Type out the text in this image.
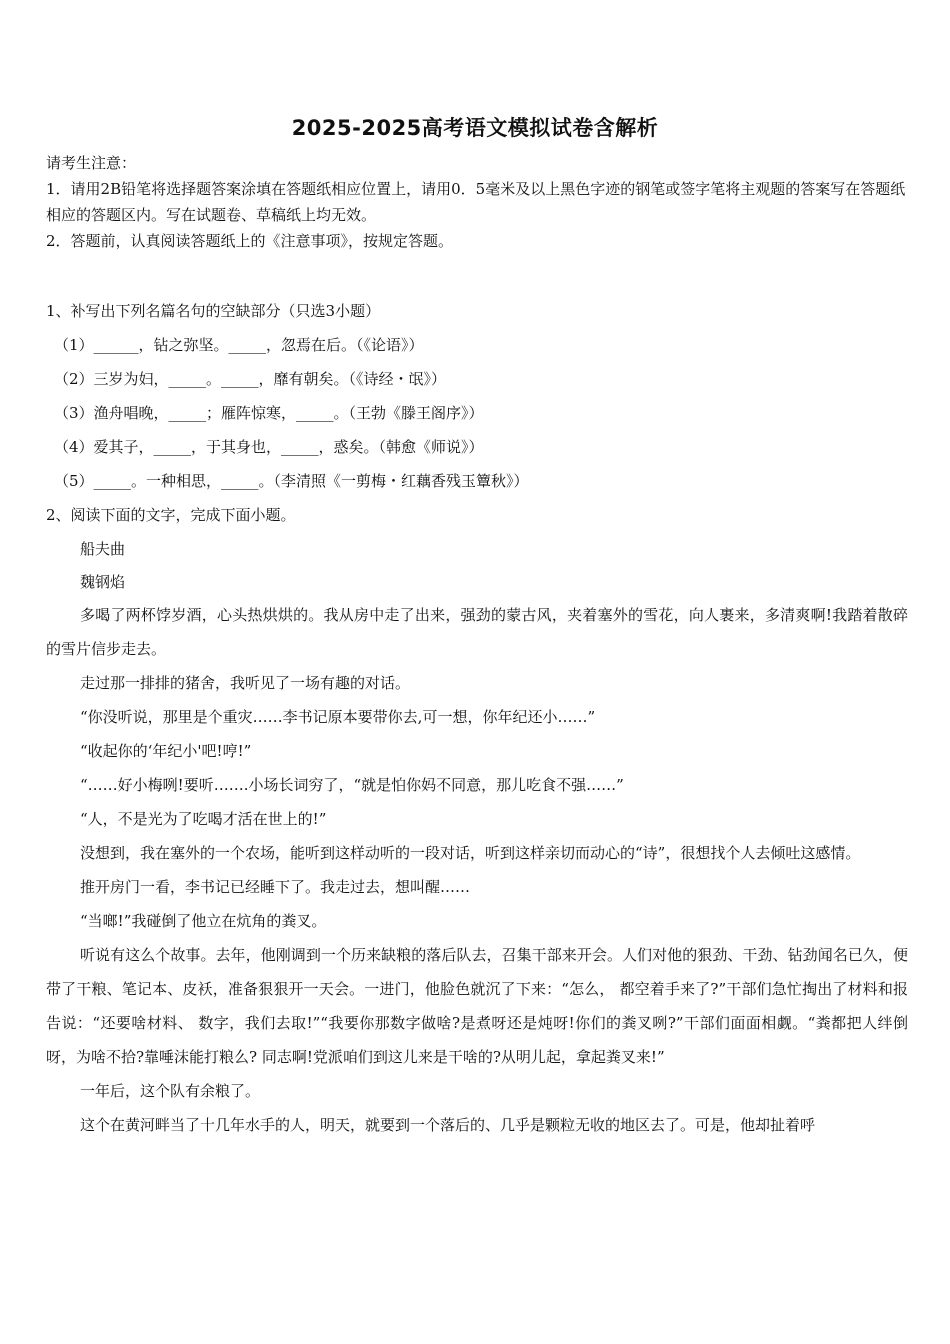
2025-2025高考语文模拟试卷含解析

请考生注意：

1．请用2B铅笔将选择题答案涂填在答题纸相应位置上，请用0．5毫米及以上黑色字迹的钢笔或签字笔将主观题的答案写在答题纸相应的答题区内。写在试题卷、草稿纸上均无效。

2．答题前，认真阅读答题纸上的《注意事项》，按规定答题。

1、补写出下列名篇名句的空缺部分（只选3小题）

（1）______，钻之弥坚。_____，忽焉在后。（《论语》）

（2）三岁为妇，_____。_____，靡有朝矣。（《诗经・氓》）

（3）渔舟唱晚，_____；雁阵惊寒，_____。（王勃《滕王阁序》）

（4）爱其子，_____，于其身也，_____，惑矣。（韩愈《师说》）

（5）_____。一种相思，_____。（李清照《一剪梅・红藕香残玉簟秋》）

2、阅读下面的文字，完成下面小题。

船夫曲

魏钢焰

多喝了两杯饽岁酒，心头热烘烘的。我从房中走了出来，强劲的蒙古风，夹着塞外的雪花，向人裹来，多清爽啊!我踏着散碎的雪片信步走去。

走过那一排排的猪舍，我听见了一场有趣的对话。

“你没听说，那里是个重灾……李书记原本要带你去,可一想，你年纪还小……”

“收起你的‘年纪小'吧!哼!”

“……好小梅咧!要听…….小场长词穷了，“就是怕你妈不同意，那儿吃食不强……”

“人，不是光为了吃喝才活在世上的!”

没想到，我在塞外的一个农场，能听到这样动听的一段对话，听到这样亲切而动心的“诗”，很想找个人去倾吐这感情。

推开房门一看，李书记已经睡下了。我走过去，想叫醒……

“当啷!”我碰倒了他立在炕角的粪叉。

听说有这么个故事。去年，他刚调到一个历来缺粮的落后队去，召集干部来开会。人们对他的狠劲、干劲、钻劲闻名已久，便带了干粮、笔记本、皮袄，准备狠狠开一天会。一进门，他脸色就沉了下来：“怎么， 都空着手来了?”干部们急忙掏出了材料和报告说：“还要啥材料、 数字，我们去取!”“我要你那数字做啥?是煮呀还是炖呀!你们的粪叉咧?”干部们面面相觑。“粪都把人绊倒呀，为啥不拾?靠唾沫能打粮么? 同志啊!党派咱们到这儿来是干啥的?从明儿起，拿起粪叉来!”

一年后，这个队有余粮了。

这个在黄河畔当了十几年水手的人，明天，就要到一个落后的、几乎是颗粒无收的地区去了。可是，他却扯着呼
